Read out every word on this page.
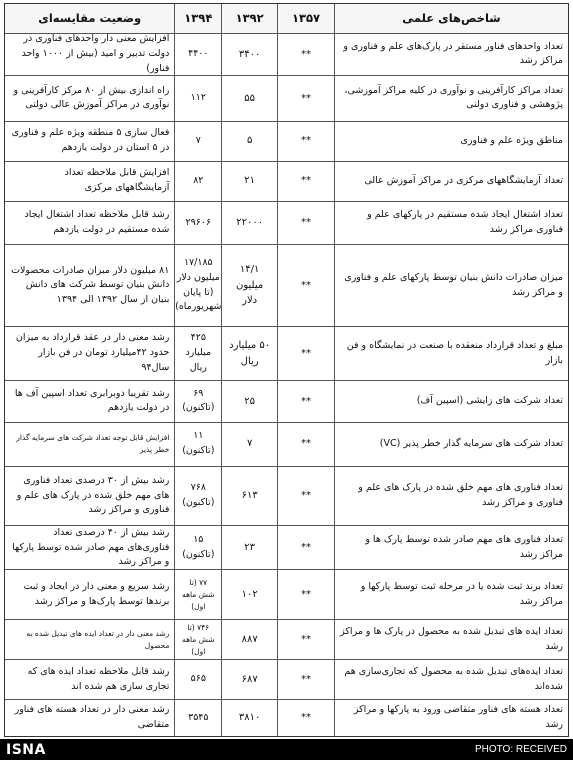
شاخص‌های علمی
۱۳۵۷
۱۳۹۲
۱۳۹۴
وضعیت مقایسه‌ای
تعداد واحدهای فناور مستقر در پارک‌های علم و فناوری و مراکز رشد
**
۳۴۰۰
۴۴۰۰
افزایش معنی دار واحدهای فناوری در دولت تدبیر و امید (بیش از ۱۰۰۰ واحد فناور)
تعداد مراکز کارآفرینی و نوآوری در کلیه مراکز آموزشی، پژوهشی و فناوری دولتی
**
۵۵
۱۱۲
راه اندازی بیش از ۸۰ مرکز کارآفرینی و نوآوری در مراکز آموزش عالی دولتی
مناطق ویژه علم و فناوری
**
۵
۷
فعال سازی ۵ منطقه ویژه علم و فناوری در ۵ استان در دولت یازدهم
تعداد آزمایشگاههای مرکزی در مراکز آموزش عالی
**
۲۱
۸۲
افزایش قابل ملاحظه تعداد آزمایشگاههای مرکزی
تعداد اشتغال ایجاد شده مستقیم در پارکهای علم و فناوری مراکز رشد
**
۲۲۰۰۰
۲۹۶۰۶
رشد قابل ملاحظه تعداد اشتغال ایجاد شده مستقیم در دولت یازدهم
میزان صادرات دانش بنیان توسط پارکهای علم و فناوری و مراکز رشد
**
۱۴/۱ میلیون دلار
۱۷/۱۸۵ میلیون دلار (تا پایان شهریورماه)
۸۱ میلیون دلار میزان صادرات محصولات دانش بنیان توسط شرکت های دانش بنیان از سال ۱۳۹۲ الی ۱۳۹۴
مبلغ و تعداد قرارداد منعقده با صنعت در نمایشگاه و فن بازار
**
۵۰ میلیارد ریال
۴۲۵ میلیارد ریال
رشد معنی دار در عقد قرارداد به میزان حدود ۴۲میلیارد تومان در فن بازار سال۹۴
تعداد شرکت های زایشی (اسپین آف)
**
۲۵
۶۹ (تاکنون)
رشد تقریبا دوبرابری تعداد اسپین آف ها در دولت یازدهم
تعداد شرکت های سرمایه گذار خطر پذیر (VC)
**
۷
۱۱ (تاکنون)
افزایش قابل توجه تعداد شرکت های سرمایه گذار خطر پذیر
تعداد فناوری های مهم خلق شده در پارک های علم و فناوری و مراکز رشد
**
۶۱۳
۷۶۸ (تاکنون)
رشد بیش از ۳۰ درصدی تعداد فناوری های مهم خلق شده در پارک های علم و فناوری و مراکز رشد
تعداد فناوری های مهم صادر شده توسط پارک ها و مراکز رشد
**
۲۳
۱۵ (تاکنون)
رشد بیش از ۴۰ درصدی تعداد فناوری‌های مهم صادر شده توسط پارکها و مراکز رشد
تعداد برند ثبت شده یا در مرحله ثبت توسط پارکها و مراکز رشد
**
۱۰۲
۷۷ (تا شش ماهه اول)
رشد سریع و معنی دار در ایجاد و ثبت برندها توسط پارک‌ها و مراکز رشد
تعداد ایده های تبدیل شده به محصول در پارک ها و مراکز رشد
**
۸۸۷
۷۴۶ (تا شش ماهه اول)
رشد معنی دار در تعداد ایده های تبدیل شده به محصول
تعداد ایده‌های تبدیل شده به محصول که تجاری‌سازی هم شده‌اند
**
۶۸۷
۵۶۵
رشد قابل ملاحظه تعداد ایده های که تجاری سازی هم شده اند
تعداد هسته های فناور متقاضی ورود به پارکها و مراکز رشد
**
۳۸۱۰
۳۵۴۵
رشد معنی دار در تعداد هسته های فناور متقاضی
ISNA	PHOTO: RECEIVED
